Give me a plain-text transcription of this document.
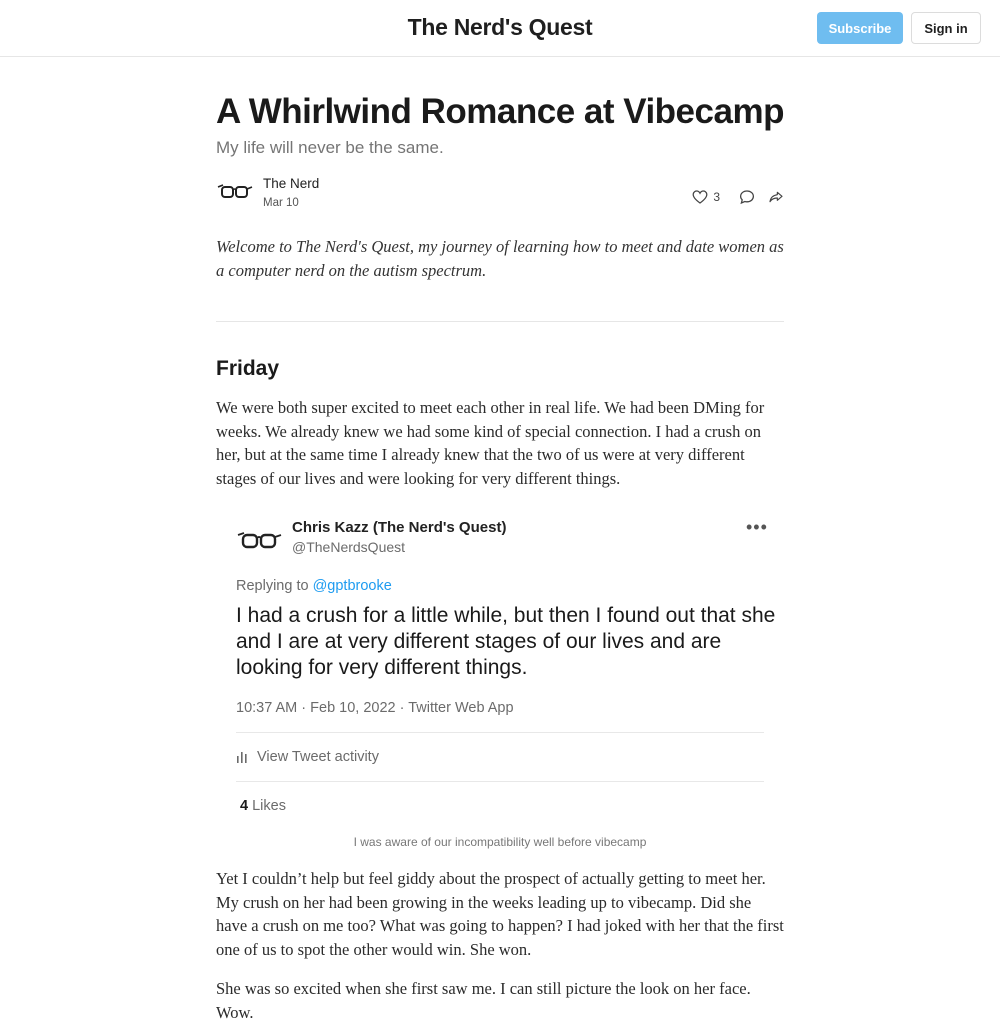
The Nerd's Quest	Subscribe	Sign in
A Whirlwind Romance at Vibecamp
My life will never be the same.
The Nerd
Mar 10	3

Welcome to The Nerd's Quest, my journey of learning how to meet and date women as a computer nerd on the autism spectrum.

Friday

We were both super excited to meet each other in real life. We had been DMing for weeks. We already knew we had some kind of special connection. I had a crush on her, but at the same time I already knew that the two of us were at very different stages of our lives and were looking for very different things.

Chris Kazz (The Nerd's Quest)
@TheNerdsQuest
•••
Replying to @gptbrooke
I had a crush for a little while, but then I found out that she and I are at very different stages of our lives and are looking for very different things.
10:37 AM · Feb 10, 2022 · Twitter Web App
View Tweet activity
4 Likes
I was aware of our incompatibility well before vibecamp

Yet I couldn’t help but feel giddy about the prospect of actually getting to meet her. My crush on her had been growing in the weeks leading up to vibecamp. Did she have a crush on me too? What was going to happen? I had joked with her that the first one of us to spot the other would win. She won.

She was so excited when she first saw me. I can still picture the look on her face. Wow.
